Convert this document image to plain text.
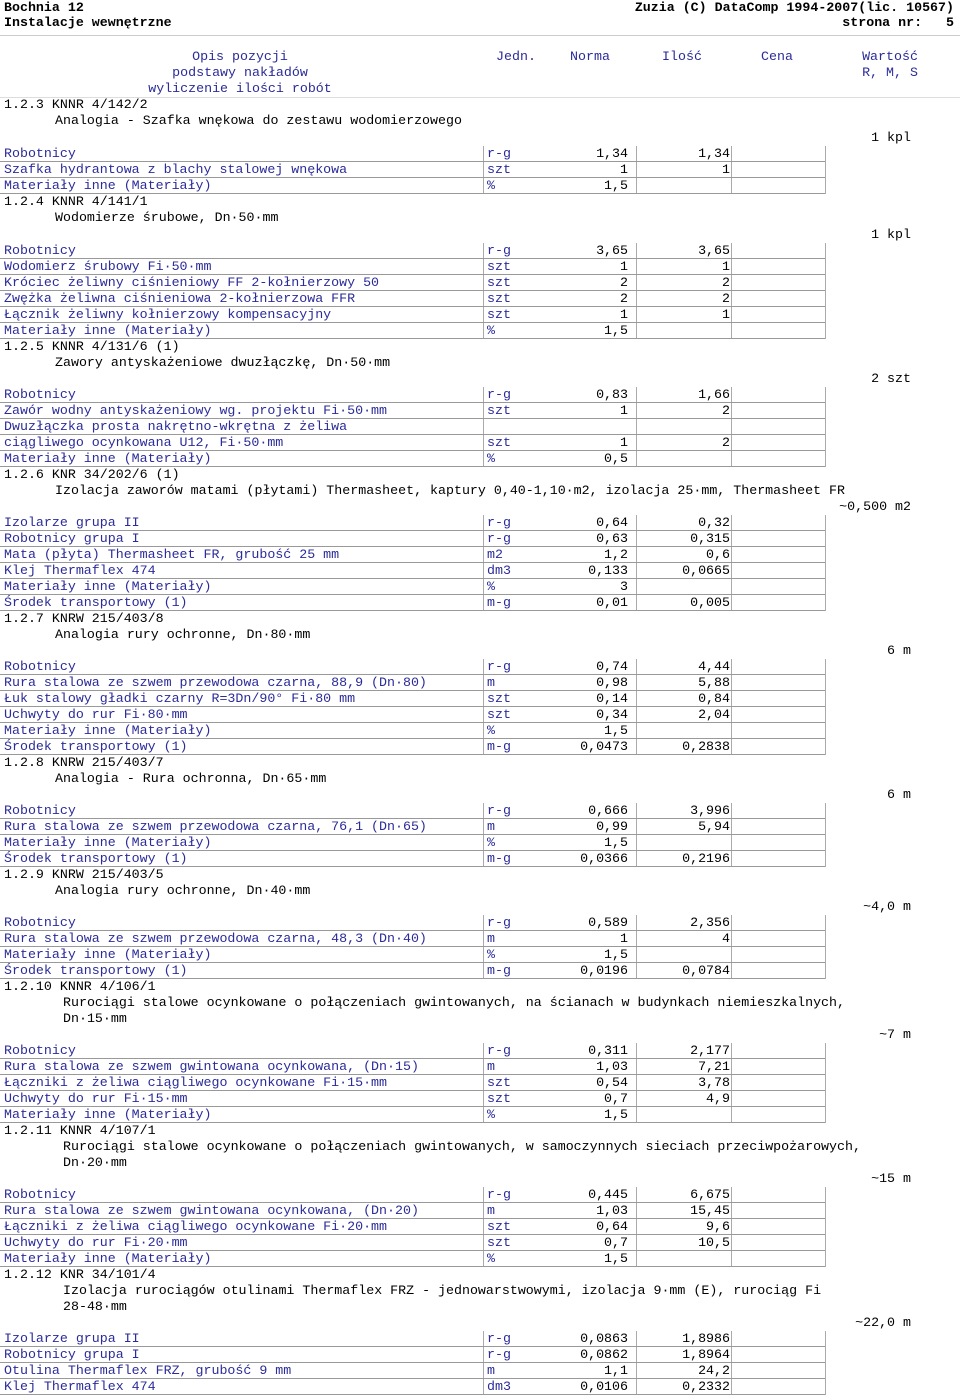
Bochnia 12
Instalacje wewnętrzne
Zuzia (C) DataComp 1994-2007(lic. 10567)
strona nr:   5
Opis pozycji
podstawy nakładów
wyliczenie ilości robót
Jedn.	Norma	Ilość	Cena	Wartość
R, M, S
1.2.3 KNNR 4/142/2
Analogia - Szafka wnękowa do zestawu wodomierzowego
1 kpl
Robotnicy	r-g	1,34	1,34
Szafka hydrantowa z blachy stalowej wnękowa	szt	1	1
Materiały inne (Materiały)	%	1,5
1.2.4 KNNR 4/141/1
Wodomierze śrubowe, Dn·50·mm
1 kpl
Robotnicy	r-g	3,65	3,65
Wodomierz śrubowy Fi·50·mm	szt	1	1
Króciec żeliwny ciśnieniowy FF 2-kołnierzowy 50	szt	2	2
Zwężka żeliwna ciśnieniowa 2-kołnierzowa FFR	szt	2	2
Łącznik żeliwny kołnierzowy kompensacyjny	szt	1	1
Materiały inne (Materiały)	%	1,5
1.2.5 KNNR 4/131/6 (1)
Zawory antyskażeniowe dwuzłączkę, Dn·50·mm
2 szt
Robotnicy	r-g	0,83	1,66
Zawór wodny antyskażeniowy wg. projektu Fi·50·mm	szt	1	2
Dwuzłączka prosta nakrętno-wkrętna z żeliwa
ciągliwego ocynkowana U12, Fi·50·mm	szt	1	2
Materiały inne (Materiały)	%	0,5
1.2.6 KNR 34/202/6 (1)
Izolacja zaworów matami (płytami) Thermasheet, kaptury 0,40-1,10·m2, izolacja 25·mm, Thermasheet FR
~0,500 m2
Izolarze grupa II	r-g	0,64	0,32
Robotnicy grupa I	r-g	0,63	0,315
Mata (płyta) Thermasheet FR, grubość 25 mm	m2	1,2	0,6
Klej Thermaflex 474	dm3	0,133	0,0665
Materiały inne (Materiały)	%	3
Środek transportowy (1)	m-g	0,01	0,005
1.2.7 KNRW 215/403/8
Analogia rury ochronne, Dn·80·mm
6 m
Robotnicy	r-g	0,74	4,44
Rura stalowa ze szwem przewodowa czarna, 88,9 (Dn·80)	m	0,98	5,88
Łuk stalowy gładki czarny R=3Dn/90° Fi·80 mm	szt	0,14	0,84
Uchwyty do rur Fi·80·mm	szt	0,34	2,04
Materiały inne (Materiały)	%	1,5
Środek transportowy (1)	m-g	0,0473	0,2838
1.2.8 KNRW 215/403/7
Analogia - Rura ochronna, Dn·65·mm
6 m
Robotnicy	r-g	0,666	3,996
Rura stalowa ze szwem przewodowa czarna, 76,1 (Dn·65)	m	0,99	5,94
Materiały inne (Materiały)	%	1,5
Środek transportowy (1)	m-g	0,0366	0,2196
1.2.9 KNRW 215/403/5
Analogia rury ochronne, Dn·40·mm
~4,0 m
Robotnicy	r-g	0,589	2,356
Rura stalowa ze szwem przewodowa czarna, 48,3 (Dn·40)	m	1	4
Materiały inne (Materiały)	%	1,5
Środek transportowy (1)	m-g	0,0196	0,0784
1.2.10 KNNR 4/106/1
Rurociągi stalowe ocynkowane o połączeniach gwintowanych, na ścianach w budynkach niemieszkalnych,
Dn·15·mm
~7 m
Robotnicy	r-g	0,311	2,177
Rura stalowa ze szwem gwintowana ocynkowana, (Dn·15)	m	1,03	7,21
Łączniki z żeliwa ciągliwego ocynkowane Fi·15·mm	szt	0,54	3,78
Uchwyty do rur Fi·15·mm	szt	0,7	4,9
Materiały inne (Materiały)	%	1,5
1.2.11 KNNR 4/107/1
Rurociągi stalowe ocynkowane o połączeniach gwintowanych, w samoczynnych sieciach przeciwpożarowych,
Dn·20·mm
~15 m
Robotnicy	r-g	0,445	6,675
Rura stalowa ze szwem gwintowana ocynkowana, (Dn·20)	m	1,03	15,45
Łączniki z żeliwa ciągliwego ocynkowane Fi·20·mm	szt	0,64	9,6
Uchwyty do rur Fi·20·mm	szt	0,7	10,5
Materiały inne (Materiały)	%	1,5
1.2.12 KNR 34/101/4
Izolacja rurociągów otulinami Thermaflex FRZ - jednowarstwowymi, izolacja 9·mm (E), rurociąg Fi
28-48·mm
~22,0 m
Izolarze grupa II	r-g	0,0863	1,8986
Robotnicy grupa I	r-g	0,0862	1,8964
Otulina Thermaflex FRZ, grubość 9 mm	m	1,1	24,2
Klej Thermaflex 474	dm3	0,0106	0,2332
